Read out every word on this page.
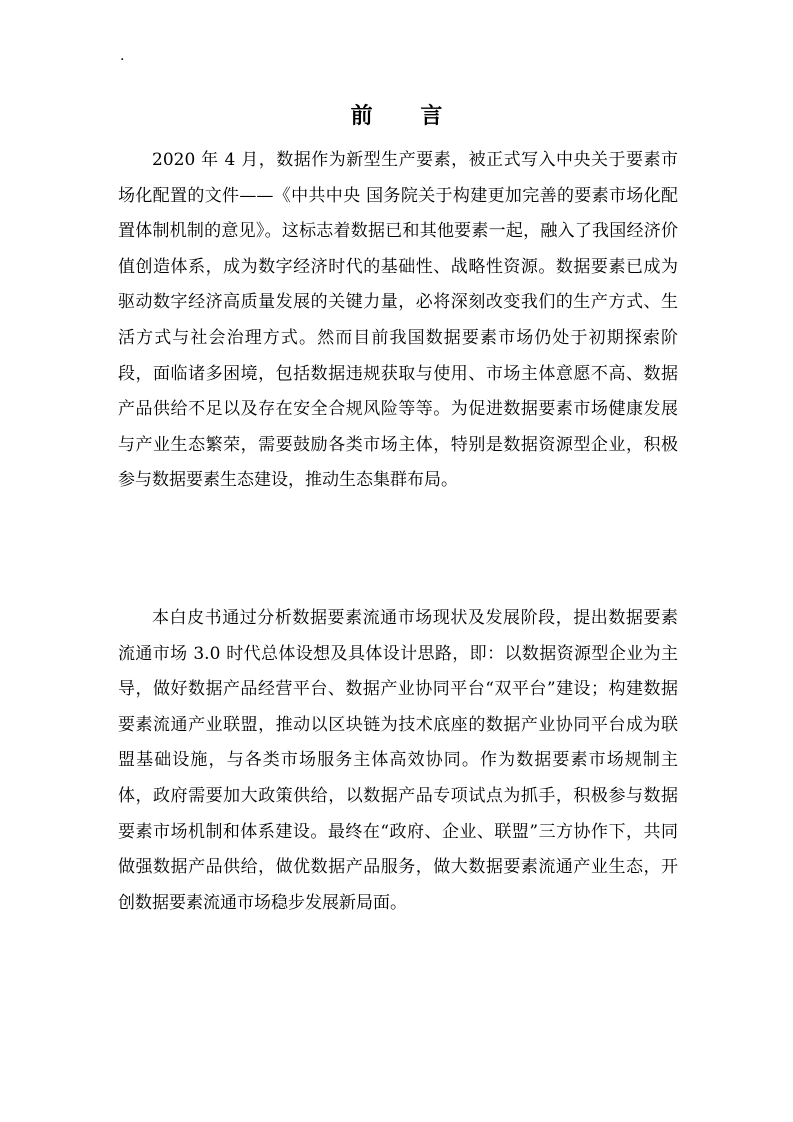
.
前 言

2020 年 4 月，数据作为新型生产要素，被正式写入中央关于要素市场化配置的文件——《中共中央 国务院关于构建更加完善的要素市场化配置体制机制的意见》。这标志着数据已和其他要素一起，融入了我国经济价值创造体系，成为数字经济时代的基础性、战略性资源。数据要素已成为驱动数字经济高质量发展的关键力量，必将深刻改变我们的生产方式、生活方式与社会治理方式。然而目前我国数据要素市场仍处于初期探索阶段，面临诸多困境，包括数据违规获取与使用、市场主体意愿不高、数据产品供给不足以及存在安全合规风险等等。为促进数据要素市场健康发展与产业生态繁荣，需要鼓励各类市场主体，特别是数据资源型企业，积极参与数据要素生态建设，推动生态集群布局。

本白皮书通过分析数据要素流通市场现状及发展阶段，提出数据要素流通市场 3.0 时代总体设想及具体设计思路，即：以数据资源型企业为主导，做好数据产品经营平台、数据产业协同平台“双平台”建设；构建数据要素流通产业联盟，推动以区块链为技术底座的数据产业协同平台成为联盟基础设施，与各类市场服务主体高效协同。作为数据要素市场规制主体，政府需要加大政策供给，以数据产品专项试点为抓手，积极参与数据要素市场机制和体系建设。最终在“政府、企业、联盟”三方协作下，共同做强数据产品供给，做优数据产品服务，做大数据要素流通产业生态，开创数据要素流通市场稳步发展新局面。
